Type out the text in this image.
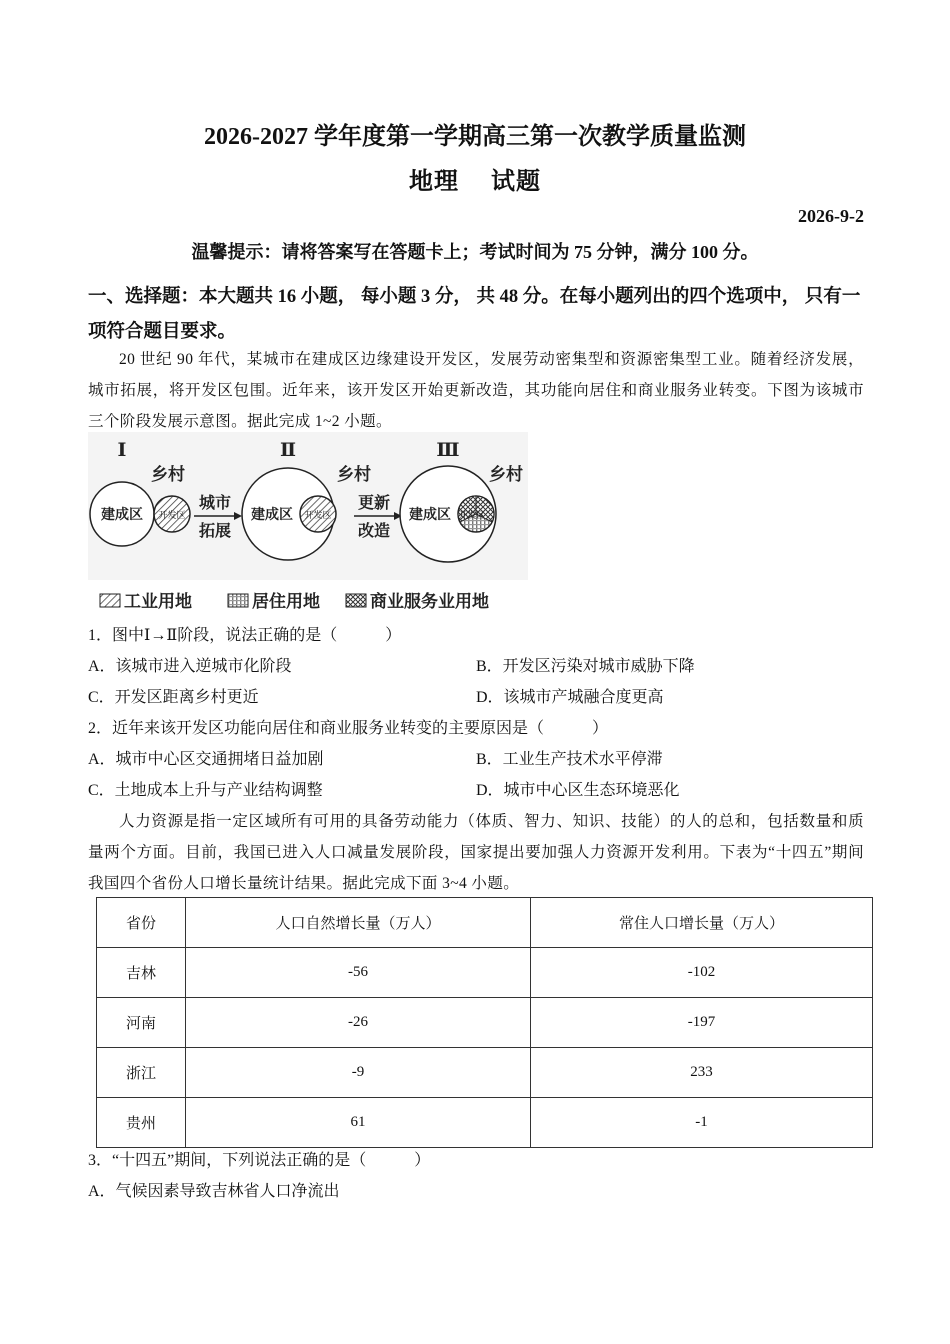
2026-2027 学年度第一学期高三第一次教学质量监测
地理　 试题
2026-9-2
温馨提示：请将答案写在答题卡上；考试时间为 75 分钟，满分 100 分。
一、选择题：本大题共 16 小题， 每小题 3 分， 共 48 分。在每小题列出的四个选项中， 只有一项符合题目要求。
20 世纪 90 年代，某城市在建成区边缘建设开发区，发展劳动密集型和资源密集型工业。随着经济发展，城市拓展，将开发区包围。近年来，该开发区开始更新改造，其功能向居住和商业服务业转变。下图为该城市三个阶段发展示意图。据此完成 1~2 小题。
Ⅰ
乡村
建成区 开发区
城市
拓展
Ⅱ
乡村
建成区 开发区
更新
改造
Ⅲ
乡村
建成区 开发区
工业用地	居住用地	商业服务业用地
1．图中Ⅰ→Ⅱ阶段，说法正确的是（　　　）
A．该城市进入逆城市化阶段	B．开发区污染对城市威胁下降
C．开发区距离乡村更近	D．该城市产城融合度更高
2．近年来该开发区功能向居住和商业服务业转变的主要原因是（　　　）
A．城市中心区交通拥堵日益加剧	B．工业生产技术水平停滞
C．土地成本上升与产业结构调整	D．城市中心区生态环境恶化
人力资源是指一定区域所有可用的具备劳动能力（体质、智力、知识、技能）的人的总和，包括数量和质量两个方面。目前，我国已进入人口减量发展阶段，国家提出要加强人力资源开发利用。下表为“十四五”期间我国四个省份人口增长量统计结果。据此完成下面 3~4 小题。
省份	人口自然增长量（万人）	常住人口增长量（万人）
吉林	-56	-102
河南	-26	-197
浙江	-9	233
贵州	61	-1
3．“十四五”期间，下列说法正确的是（　　　）
A．气候因素导致吉林省人口净流出
